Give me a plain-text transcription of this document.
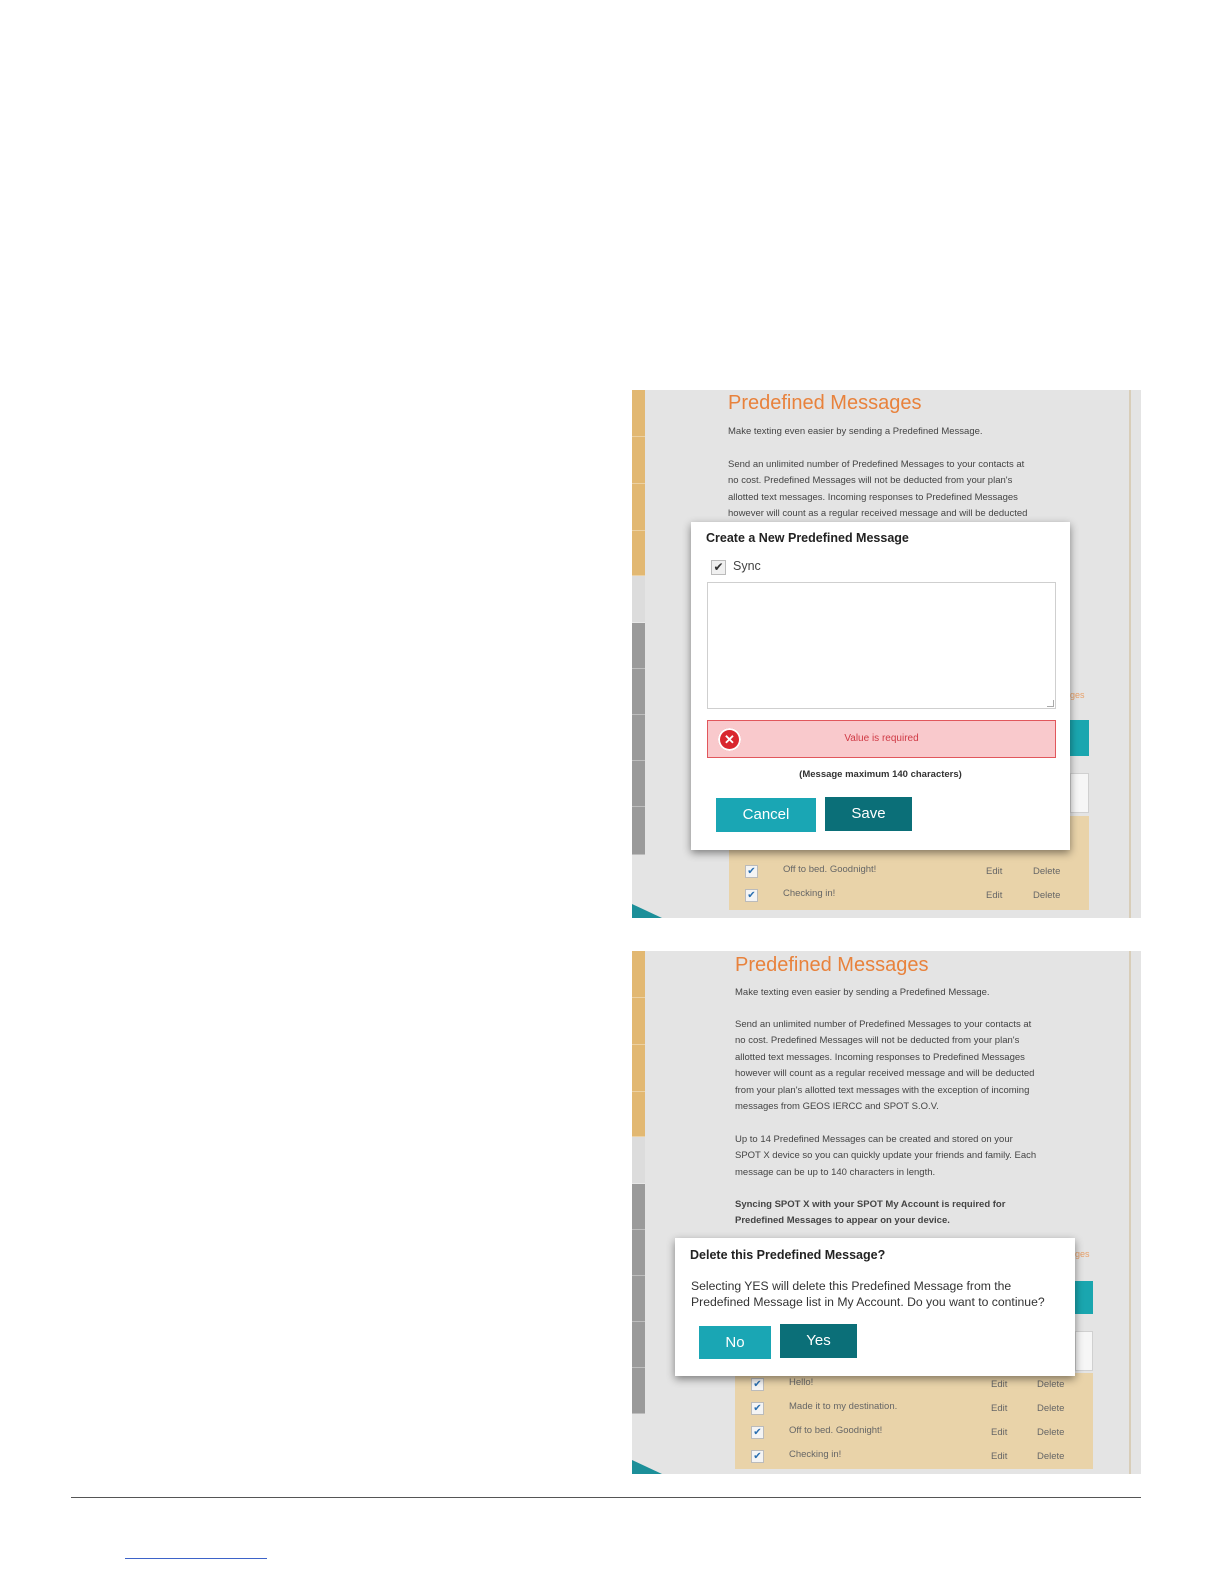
Predefined Messages
Make texting even easier by sending a Predefined Message.
Send an unlimited number of Predefined Messages to your contacts at
no cost. Predefined Messages will not be deducted from your plan's
allotted text messages. Incoming responses to Predefined Messages
however will count as a regular received message and will be deducted
ges
✔	Off to bed. Goodnight!	Edit	Delete
✔	Checking in!	Edit	Delete
Create a New Predefined Message
✔ Sync
✕	Value is required
(Message maximum 140 characters)
Cancel	Save
Predefined Messages
Make texting even easier by sending a Predefined Message.
Send an unlimited number of Predefined Messages to your contacts at
no cost. Predefined Messages will not be deducted from your plan's
allotted text messages. Incoming responses to Predefined Messages
however will count as a regular received message and will be deducted
from your plan's allotted text messages with the exception of incoming
messages from GEOS IERCC and SPOT S.O.V.
Up to 14 Predefined Messages can be created and stored on your
SPOT X device so you can quickly update your friends and family. Each
message can be up to 140 characters in length.
Syncing SPOT X with your SPOT My Account is required for
Predefined Messages to appear on your device.
ges
✔	Hello!	Edit	Delete
✔	Made it to my destination.	Edit	Delete
✔	Off to bed. Goodnight!	Edit	Delete
✔	Checking in!	Edit	Delete
Delete this Predefined Message?
Selecting YES will delete this Predefined Message from the Predefined Message list in My Account. Do you want to continue?
No	Yes
